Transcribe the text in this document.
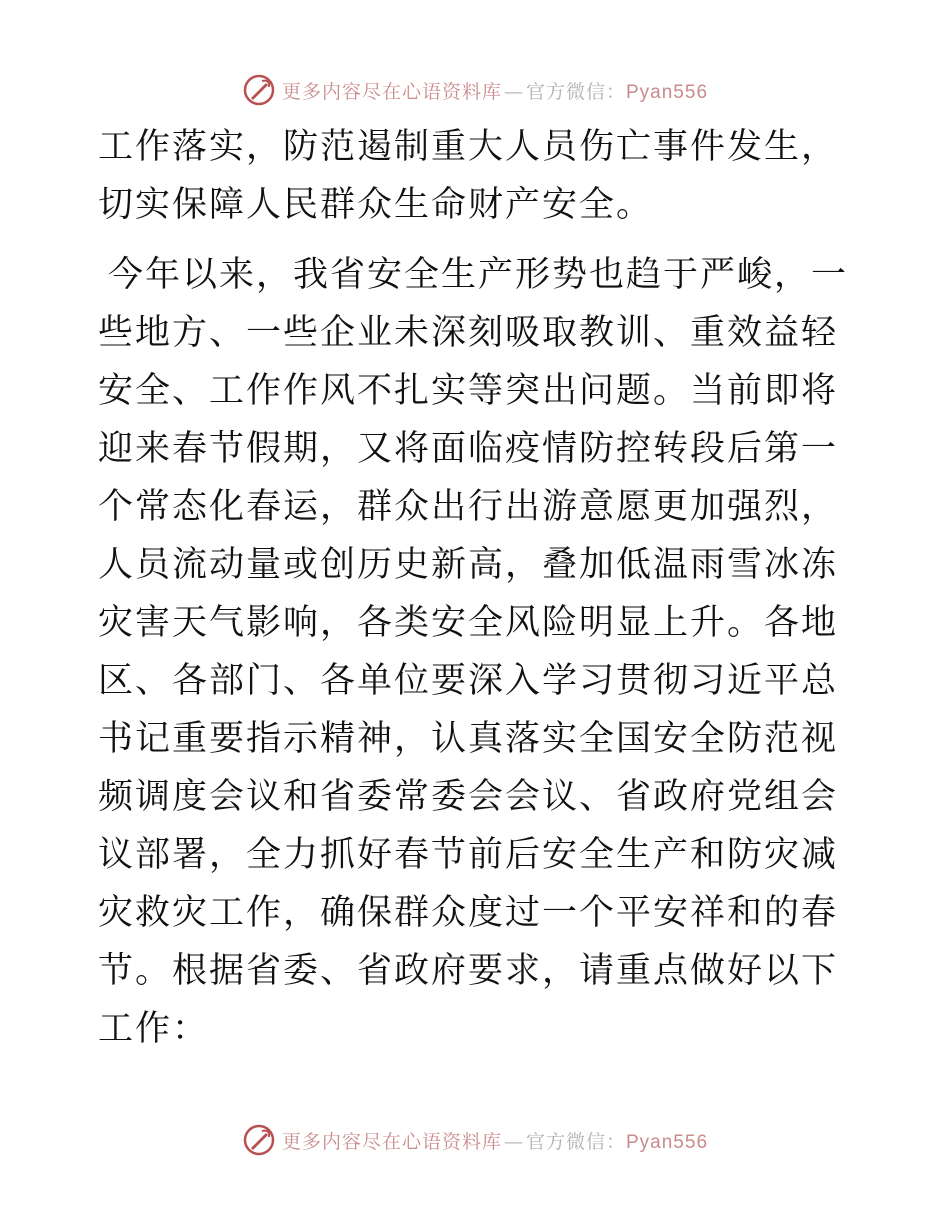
更多内容尽在心语资料库 — 官方微信：Pyan556

工作落实，防范遏制重大人员伤亡事件发生，切实保障人民群众生命财产安全。

今年以来，我省安全生产形势也趋于严峻，一些地方、一些企业未深刻吸取教训、重效益轻安全、工作作风不扎实等突出问题。当前即将迎来春节假期，又将面临疫情防控转段后第一个常态化春运，群众出行出游意愿更加强烈，人员流动量或创历史新高，叠加低温雨雪冰冻灾害天气影响，各类安全风险明显上升。各地区、各部门、各单位要深入学习贯彻习近平总书记重要指示精神，认真落实全国安全防范视频调度会议和省委常委会会议、省政府党组会议部署，全力抓好春节前后安全生产和防灾减灾救灾工作，确保群众度过一个平安祥和的春节。根据省委、省政府要求，请重点做好以下工作：

更多内容尽在心语资料库 — 官方微信：Pyan556
